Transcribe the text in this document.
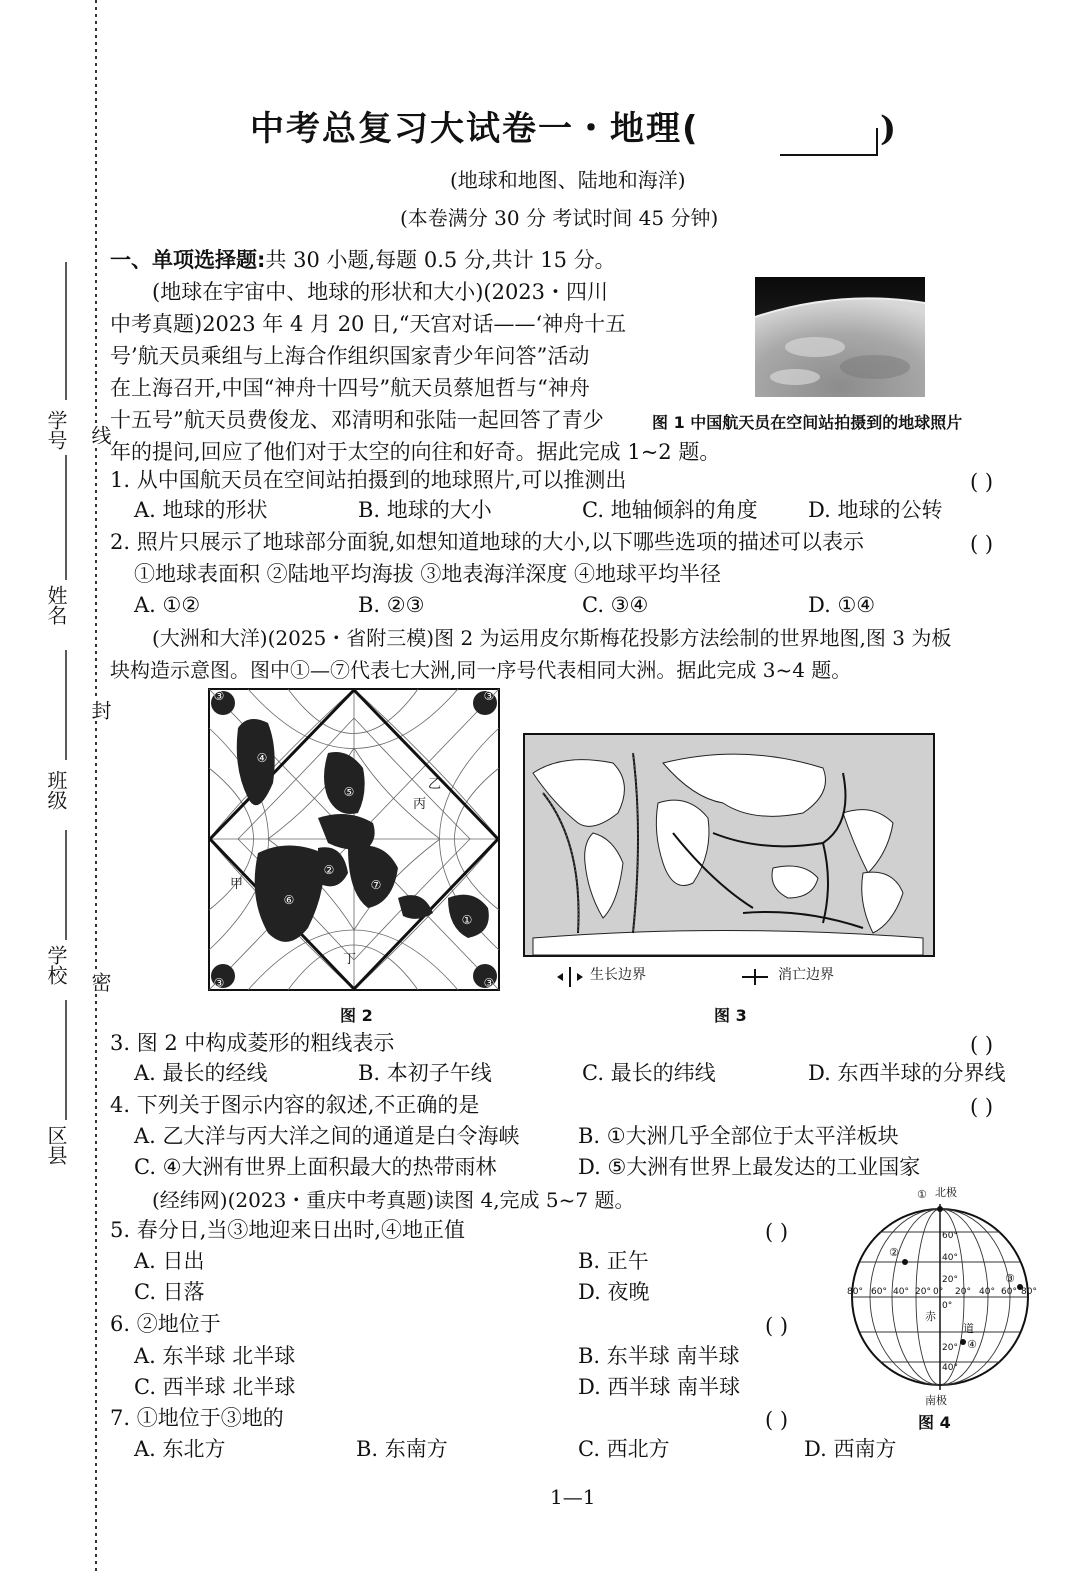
学号
姓名
班级
学校
区县
线
封
密
中考总复习大试卷一・地理(	)
(地球和地图、陆地和海洋)
(本卷满分 30 分 考试时间 45 分钟)
一、单项选择题:共 30 小题,每题 0.5 分,共计 15 分。
(地球在宇宙中、地球的形状和大小)(2023・四川
中考真题)2023 年 4 月 20 日,“天宫对话——‘神舟十五
号’航天员乘组与上海合作组织国家青少年问答”活动
在上海召开,中国“神舟十四号”航天员蔡旭哲与“神舟
十五号”航天员费俊龙、邓清明和张陆一起回答了青少
年的提问,回应了他们对于太空的向往和好奇。据此完成 1~2 题。
图 1 中国航天员在空间站拍摄到的地球照片
1. 从中国航天员在空间站拍摄到的地球照片,可以推测出	( )
A. 地球的形状	B. 地球的大小	C. 地轴倾斜的角度 D. 地球的公转
2. 照片只展示了地球部分面貌,如想知道地球的大小,以下哪些选项的描述可以表示	( )
①地球表面积 ②陆地平均海拔 ③地表海洋深度 ④地球平均半径
A. ①②	B. ②③	C. ③④	D. ①④
(大洲和大洋)(2025・省附三模)图 2 为运用皮尔斯梅花投影方法绘制的世界地图,图 3 为板
块构造示意图。图中①—⑦代表七大洲,同一序号代表相同大洲。据此完成 3~4 题。
④
⑤
②
⑦
⑥
①
③	③
③	③
甲
乙
丙
丁
图 2
生长边界	消亡边界
图 3
3. 图 2 中构成菱形的粗线表示	( )
A. 最长的经线	B. 本初子午线	C. 最长的纬线	D. 东西半球的分界线
4. 下列关于图示内容的叙述,不正确的是	( )
A. 乙大洋与丙大洋之间的通道是白令海峡	B. ①大洲几乎全部位于太平洋板块
C. ④大洲有世界上面积最大的热带雨林	D. ⑤大洲有世界上最发达的工业国家
(经纬网)(2023・重庆中考真题)读图 4,完成 5~7 题。
5. 春分日,当③地迎来日出时,④地正值	( )
A. 日出	B. 正午
C. 日落	D. 夜晚
6. ②地位于	( )
A. 东半球 北半球	B. 东半球 南半球
C. 西半球 北半球	D. 西半球 南半球
7. ①地位于③地的	( )
A. 东北方	B. 东南方	C. 西北方	D. 西南方
① 北极
②
③
④
南极
赤
道
60°
40°
20°
0°
20°
40°
80° 60° 40° 20° 0° 20° 40° 60° 80°
图 4
1—1
